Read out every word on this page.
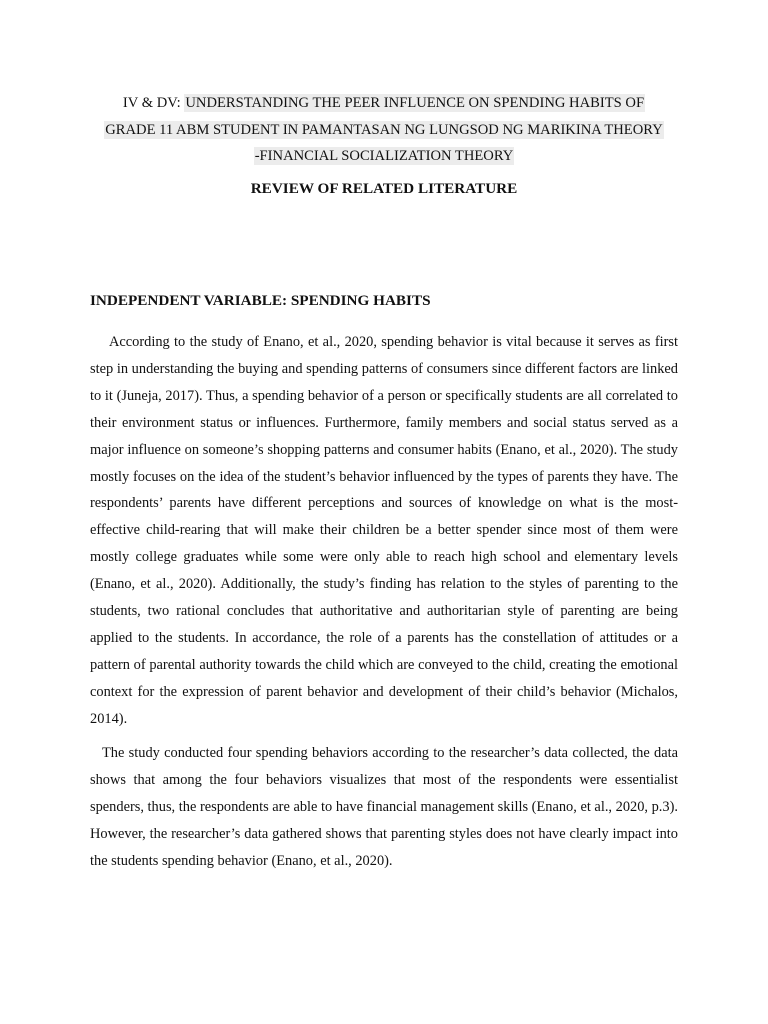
IV & DV: UNDERSTANDING THE PEER INFLUENCE ON SPENDING HABITS OF
GRADE 11 ABM STUDENT IN PAMANTASAN NG LUNGSOD NG MARIKINA THEORY
-FINANCIAL SOCIALIZATION THEORY
REVIEW OF RELATED LITERATURE
INDEPENDENT VARIABLE: SPENDING HABITS

According to the study of Enano, et al., 2020, spending behavior is vital because it serves as first step in understanding the buying and spending patterns of consumers since different factors are linked to it (Juneja, 2017). Thus, a spending behavior of a person or specifically students are all correlated to their environment status or influences. Furthermore, family members and social status served as a major influence on someone’s shopping patterns and consumer habits (Enano, et al., 2020). The study mostly focuses on the idea of the student’s behavior influenced by the types of parents they have. The respondents’ parents have different perceptions and sources of knowledge on what is the most-effective child-rearing that will make their children be a better spender since most of them were mostly college graduates while some were only able to reach high school and elementary levels (Enano, et al., 2020). Additionally, the study’s finding has relation to the styles of parenting to the students, two rational concludes that authoritative and authoritarian style of parenting are being applied to the students. In accordance, the role of a parents has the constellation of attitudes or a pattern of parental authority towards the child which are conveyed to the child, creating the emotional context for the expression of parent behavior and development of their child’s behavior (Michalos, 2014).

The study conducted four spending behaviors according to the researcher’s data collected, the data shows that among the four behaviors visualizes that most of the respondents were essentialist spenders, thus, the respondents are able to have financial management skills (Enano, et al., 2020, p.3). However, the researcher’s data gathered shows that parenting styles does not have clearly impact into the students spending behavior (Enano, et al., 2020).
